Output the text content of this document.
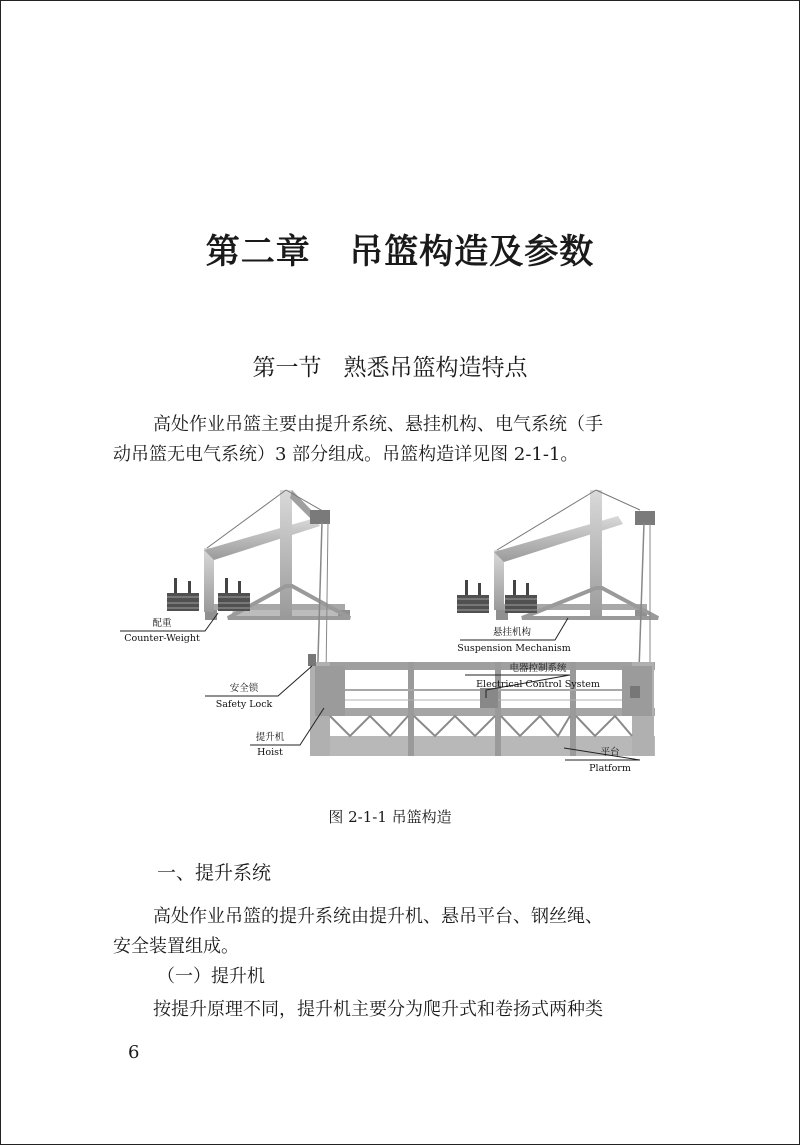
第二章   吊篮构造及参数
第一节   熟悉吊篮构造特点
高处作业吊篮主要由提升系统、悬挂机构、电气系统（手
动吊篮无电气系统）3 部分组成。吊篮构造详见图 2-1-1。
配重
Counter-Weight
悬挂机构
Suspension Mechanism
电器控制系统
Electrical Control System
安全锁
Safety Lock
提升机
Hoist	平台
Platform
图 2-1-1 吊篮构造
一、提升系统
高处作业吊篮的提升系统由提升机、悬吊平台、钢丝绳、
安全装置组成。
（一）提升机
按提升原理不同，提升机主要分为爬升式和卷扬式两种类
6
